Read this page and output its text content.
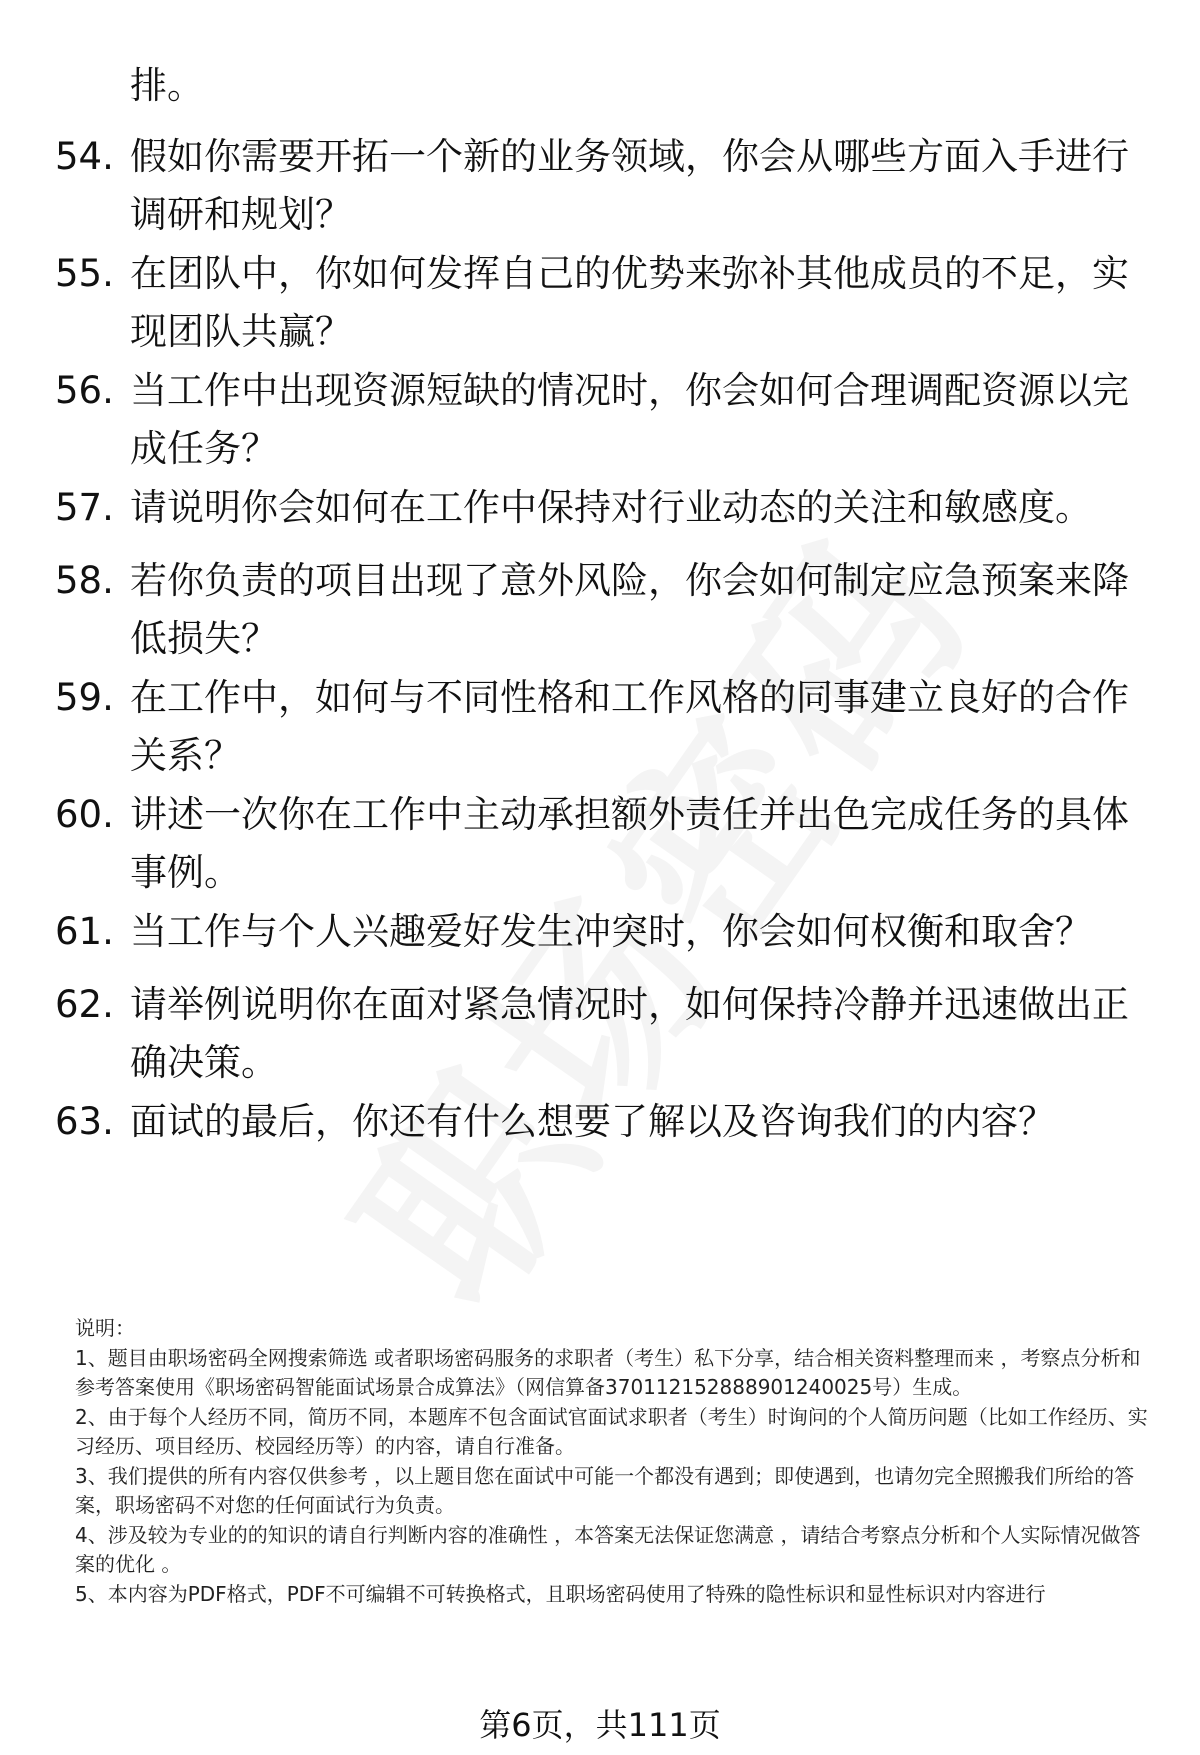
排。
54. 假如你需要开拓一个新的业务领域，你会从哪些方面入手进行调研和规划？
55. 在团队中，你如何发挥自己的优势来弥补其他成员的不足，实现团队共赢？
56. 当工作中出现资源短缺的情况时，你会如何合理调配资源以完成任务？
57. 请说明你会如何在工作中保持对行业动态的关注和敏感度。
58. 若你负责的项目出现了意外风险，你会如何制定应急预案来降低损失？
59. 在工作中，如何与不同性格和工作风格的同事建立良好的合作关系？
60. 讲述一次你在工作中主动承担额外责任并出色完成任务的具体事例。
61. 当工作与个人兴趣爱好发生冲突时，你会如何权衡和取舍？
62. 请举例说明你在面对紧急情况时，如何保持冷静并迅速做出正确决策。
63. 面试的最后，你还有什么想要了解以及咨询我们的内容？

说明：

1、题目由职场密码全网搜索筛选 或者职场密码服务的求职者（考生）私下分享，结合相关资料整理而来 ，考察点分析和参考答案使用《职场密码智能面试场景合成算法》（网信算备370112152888901240025号）生成。

2、由于每个人经历不同，简历不同，本题库不包含面试官面试求职者（考生）时询问的个人简历问题（比如工作经历、实习经历、项目经历、校园经历等）的内容，请自行准备。

3、我们提供的所有内容仅供参考 ，以上题目您在面试中可能一个都没有遇到；即使遇到，也请勿完全照搬我们所给的答案，职场密码不对您的任何面试行为负责。

4、涉及较为专业的的知识的请自行判断内容的准确性 ，本答案无法保证您满意 ，请结合考察点分析和个人实际情况做答案的优化 。

5、本内容为PDF格式，PDF不可编辑不可转换格式，且职场密码使用了特殊的隐性标识和显性标识对内容进行

第6页，共111页
